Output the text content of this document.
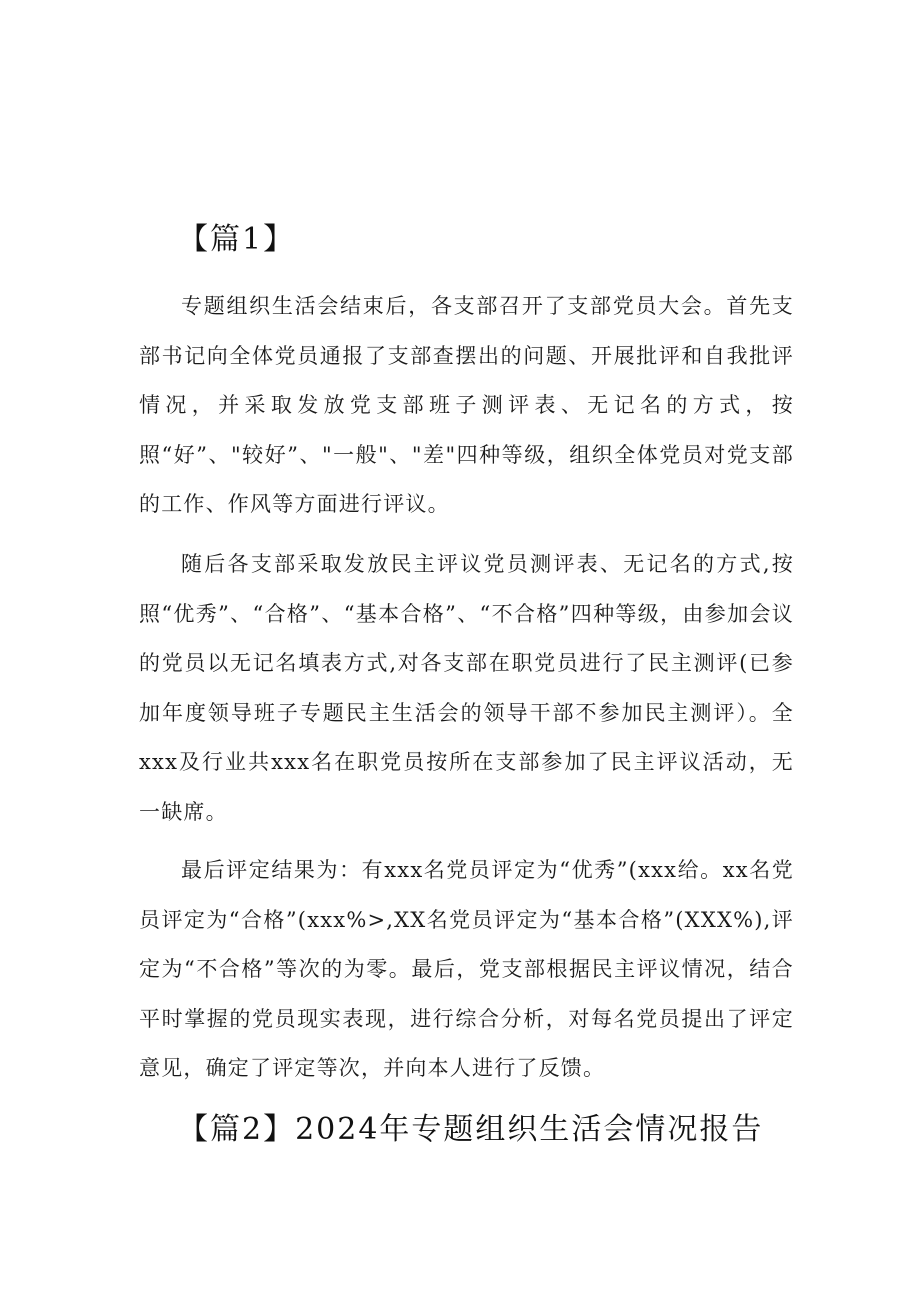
【篇1】

专题组织生活会结束后，各支部召开了支部党员大会。首先支部书记向全体党员通报了支部查摆出的问题、开展批评和自我批评情况，并采取发放党支部班子测评表、无记名的方式，按照“好”、"较好”、"一般"、"差"四种等级，组织全体党员对党支部的工作、作风等方面进行评议。

随后各支部采取发放民主评议党员测评表、无记名的方式,按照“优秀”、“合格”、“基本合格”、“不合格”四种等级，由参加会议的党员以无记名填表方式,对各支部在职党员进行了民主测评(已参加年度领导班子专题民主生活会的领导干部不参加民主测评）。全xxx及行业共xxx名在职党员按所在支部参加了民主评议活动，无一缺席。

最后评定结果为：有xxx名党员评定为“优秀”(xxx给。xx名党员评定为“合格”(xxx%>,XX名党员评定为“基本合格”(XXX%),评定为“不合格”等次的为零。最后，党支部根据民主评议情况，结合平时掌握的党员现实表现，进行综合分析，对每名党员提出了评定意见，确定了评定等次，并向本人进行了反馈。

【篇2】2024年专题组织生活会情况报告
